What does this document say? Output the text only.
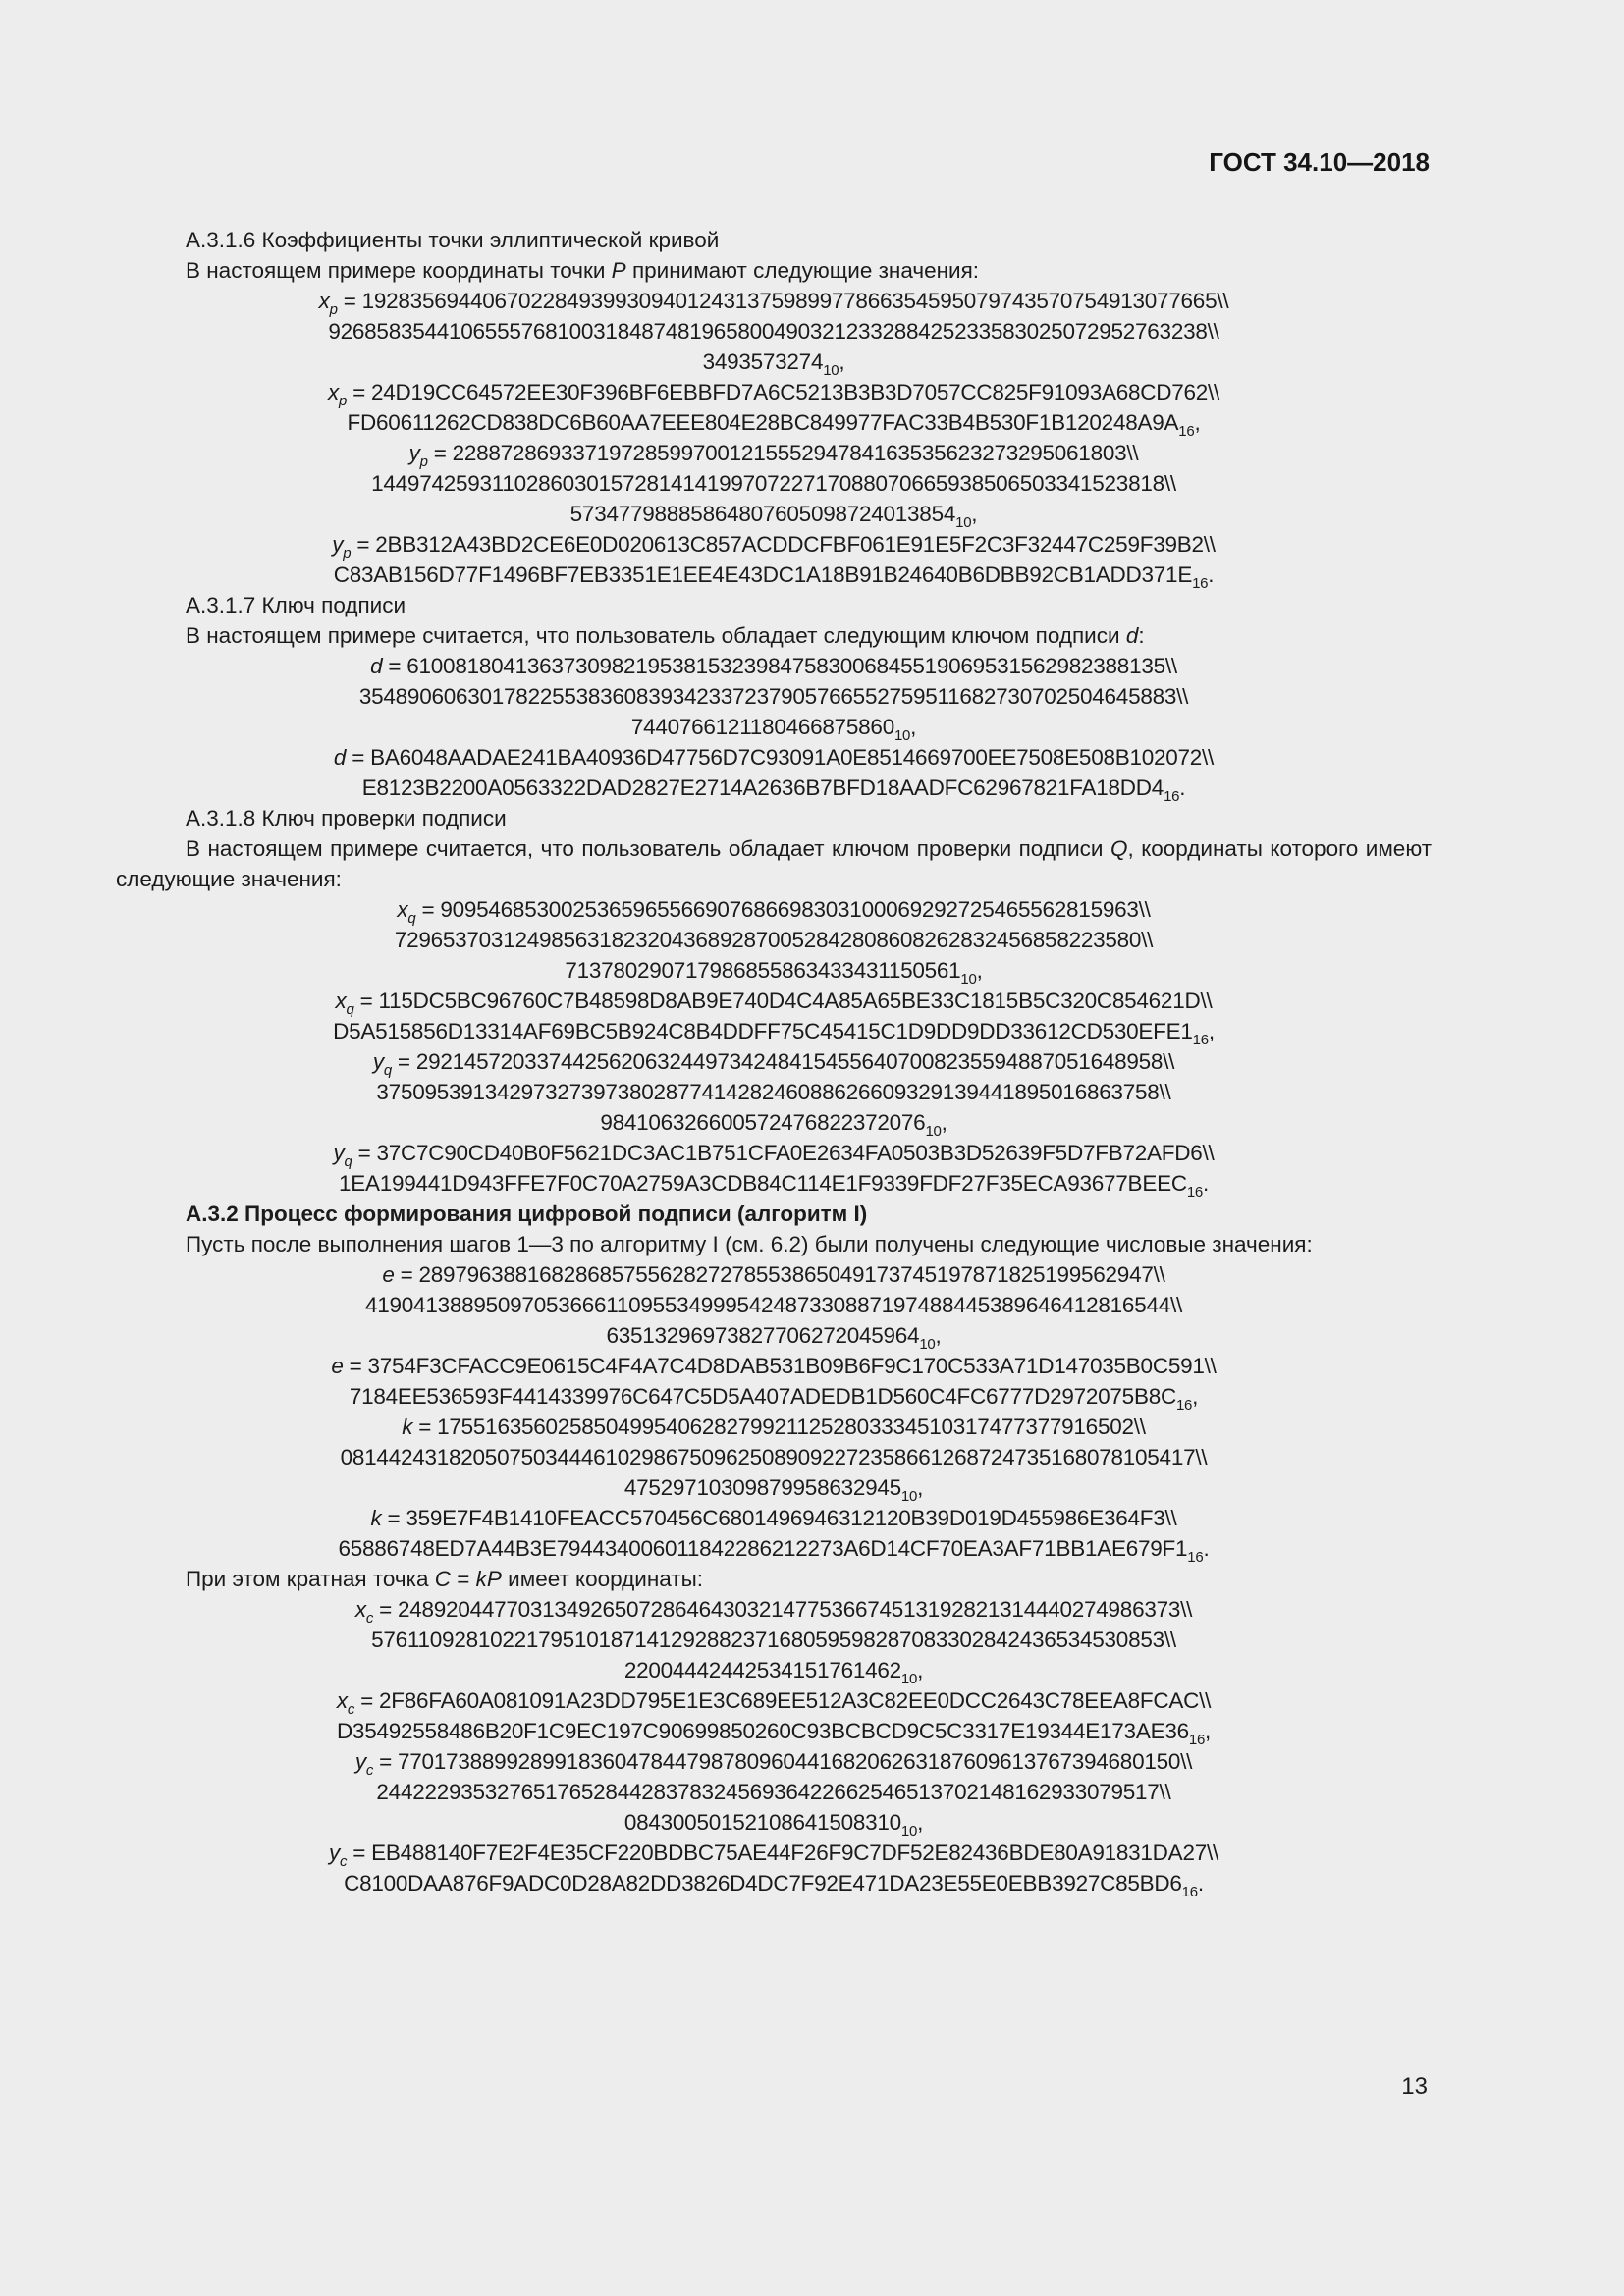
ГОСТ 34.10—2018

А.3.1.6 Коэффициенты точки эллиптической кривой

В настоящем примере координаты точки P принимают следующие значения:

$x_p$ = 19283569440670228493993094012431375989977866354595079743570754913077665\\
9268583544106555768100318487481965800490321233288425233583025072952763238\\
$3493573274_{10}$,
$x_p$ = 24D19CC64572EE30F396BF6EBBFD7A6C5213B3B3D7057CC825F91093A68CD762\\
$FD60611262CD838DC6B60AA7EEE804E28BC849977FAC33B4B530F1B120248A9A_{16}$,
$y_p$ = 22887286933719728599700121555294784163535623273295061803\\
144974259311028603015728141419970722717088070665938506503341523818\\
$57347798885864807605098724013854_{10}$,
$y_p$ = 2BB312A43BD2CE6E0D020613C857ACDDCFBF061E91E5F2C3F32447C259F39B2\\
$C83AB156D77F1496BF7EB3351E1EE4E43DC1A18B91B24640B6DBB92CB1ADD371E_{16}$.

А.3.1.7 Ключ подписи

В настоящем примере считается, что пользователь обладает следующим ключом подписи d:

d = 610081804136373098219538153239847583006845519069531562982388135\\
35489060630178225538360839342337237905766552759511682730702504645883\\
$7440766121180466875860_{10}$,
d = BA6048AADAE241BA40936D47756D7C93091A0E8514669700EE7508E508B102072\\
$E8123B2200A0563322DAD2827E2714A2636B7BFD18AADFC62967821FA18DD4_{16}$.

А.3.1.8 Ключ проверки подписи

В настоящем примере считается, что пользователь обладает ключом проверки подписи Q, координаты которого имеют следующие значения:

$x_q$ = 9095468530025365965566907686698303100069292725465562815963\\
72965370312498563182320436892870052842808608262832456858223580\\
$713780290717986855863433431150561_{10}$,
$x_q$ = 115DC5BC96760C7B48598D8AB9E740D4C4A85A65BE33C1815B5C320C854621D\\
$D5A515856D13314AF69BC5B924C8B4DDFF75C45415C1D9DD9DD33612CD530EFE1_{16}$,
$y_q$ = 29214572033744256206324497342484154556407008235594887051648958\\
37509539134297327397380287741428246088626609329139441895016863758\\
$984106326600572476822372076_{10}$,
$y_q$ = 37C7C90CD40B0F5621DC3AC1B751CFA0E2634FA0503B3D52639F5D7FB72AFD6\\
$1EA199441D943FFE7F0C70A2759A3CDB84C114E1F9339FDF27F35ECA93677BEEC_{16}$.

А.3.2 Процесс формирования цифровой подписи (алгоритм I)

Пусть после выполнения шагов 1—3 по алгоритму I (см. 6.2) были получены следующие числовые значения:

e = 2897963881682868575562827278553865049173745197871825199562947\\
4190413889509705366611095534999542487330887197488445389646412816544\\
$63513296973827706272045964_{10}$,
e = 3754F3CFACC9E0615C4F4A7C4D8DAB531B09B6F9C170C533A71D147035B0C591\\
$7184EE536593F4414339976C647C5D5A407ADEDB1D560C4FC6777D2972075B8C_{16}$,
k = 1755163560258504995406282799211252803334510317477377916502\\
08144243182050750344461029867509625089092272358661268724735168078105417\\
$47529710309879958632945_{10}$,
k = 359E7F4B1410FEACC570456C6801496946312120B39D019D455986E364F3\\
$65886748ED7A44B3E794434006011842286212273A6D14CF70EA3AF71BB1AE679F1_{16}$.

При этом кратная точка C = kP имеет координаты:

$x_c$ = 24892044770313492650728646430321477536674513192821314440274986373\\
576110928102217951018714129288237168059598287083302842436534530853\\
$22004442442534151761462_{10}$,
$x_c$ = 2F86FA60A081091A23DD795E1E3C689EE512A3C82EE0DCC2643C78EEA8FCAC\\
$D35492558486B20F1C9EC197C90699850260C93BCBCD9C5C3317E19344E173AE36_{16}$,
$y_c$ = 77017388992899183604784479878096044168206263187609613767394680150\\
24422293532765176528442837832456936422662546513702148162933079517\\
$08430050152108641508310_{10}$,
$y_c$ = EB488140F7E2F4E35CF220BDBC75AE44F26F9C7DF52E82436BDE80A91831DA27\\
$C8100DAA876F9ADC0D28A82DD3826D4DC7F92E471DA23E55E0EBB3927C85BD6_{16}$.
13
